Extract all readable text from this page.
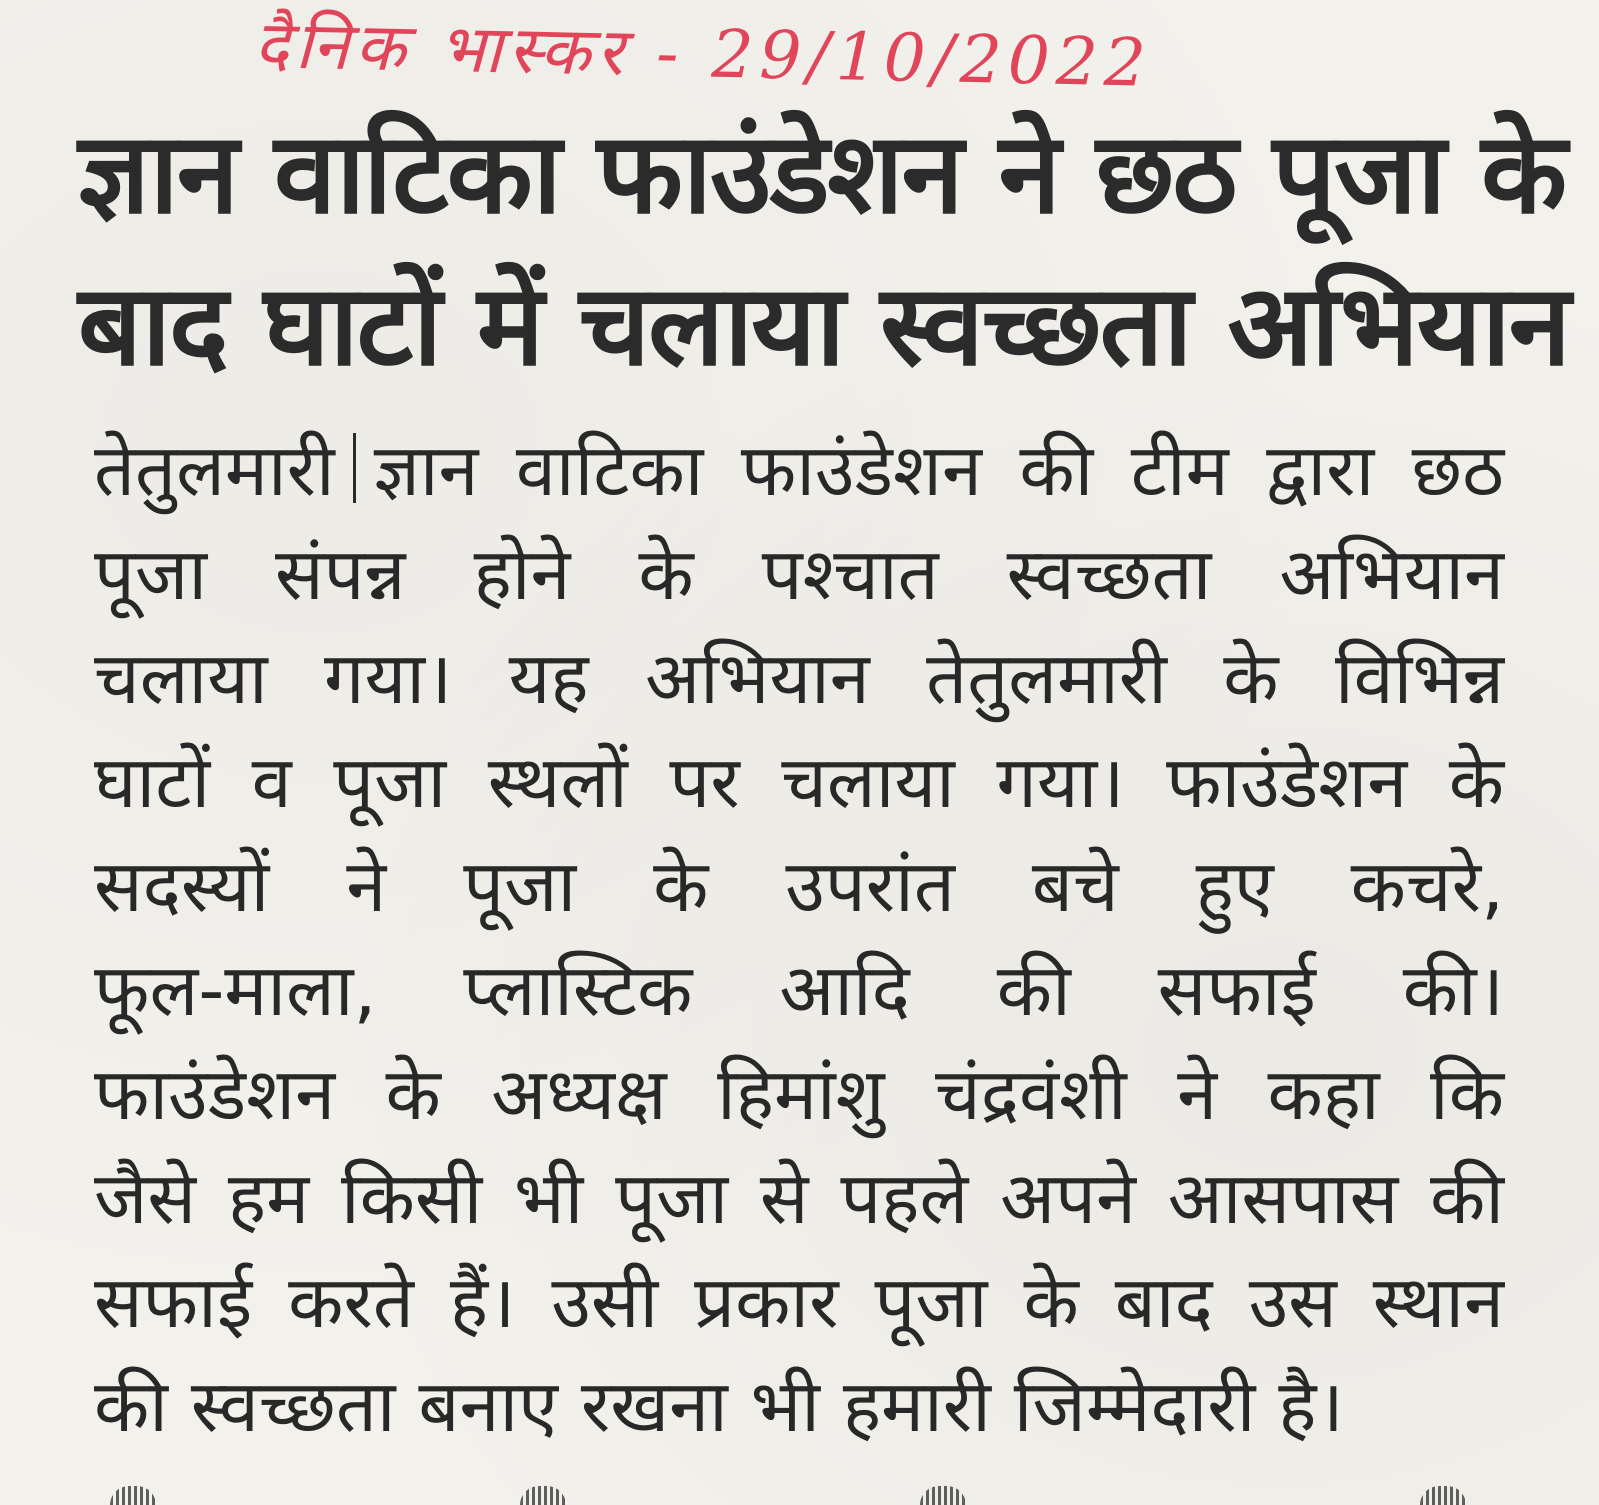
दैनिक भास्कर - 29/10/2022
ज्ञान वाटिका फाउंडेशन ने छठ पूजा के
बाद घाटों में चलाया स्वच्छता अभियान
तेतुलमारी ज्ञान वाटिका फाउंडेशन की टीम द्वारा छठ
पूजा संपन्न होने के पश्चात स्वच्छता अभियान
चलाया गया। यह अभियान तेतुलमारी के विभिन्न
घाटों व पूजा स्थलों पर चलाया गया। फाउंडेशन के
सदस्यों ने पूजा के उपरांत बचे हुए कचरे,
फूल-माला, प्लास्टिक आदि की सफाई की।
फाउंडेशन के अध्यक्ष हिमांशु चंद्रवंशी ने कहा कि
जैसे हम किसी भी पूजा से पहले अपने आसपास की
सफाई करते हैं। उसी प्रकार पूजा के बाद उस स्थान
की स्वच्छता बनाए रखना भी हमारी जिम्मेदारी है।
